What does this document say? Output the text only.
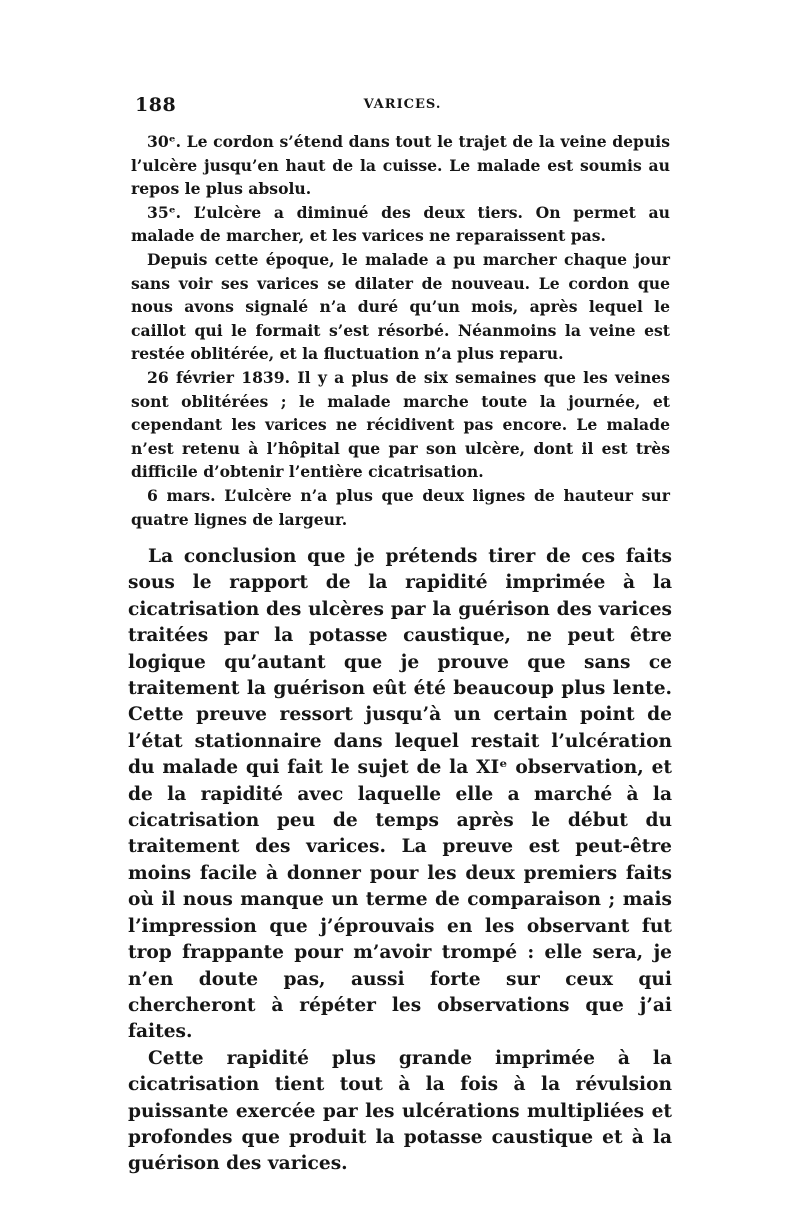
188	VARICES.

30ᵉ. Le cordon s’étend dans tout le trajet de la veine depuis l’ulcère jusqu’en haut de la cuisse. Le malade est soumis au repos le plus absolu.

35ᵉ. L’ulcère a diminué des deux tiers. On permet au malade de marcher, et les varices ne reparaissent pas.

Depuis cette époque, le malade a pu marcher chaque jour sans voir ses varices se dilater de nouveau. Le cordon que nous avons signalé n’a duré qu’un mois, après lequel le caillot qui le formait s’est résorbé. Néanmoins la veine est restée oblitérée, et la fluctuation n’a plus reparu.

26 février 1839. Il y a plus de six semaines que les veines sont oblitérées ; le malade marche toute la journée, et cependant les varices ne récidivent pas encore. Le malade n’est retenu à l’hôpital que par son ulcère, dont il est très difficile d’obtenir l’entière cicatrisation.

6 mars. L’ulcère n’a plus que deux lignes de hauteur sur quatre lignes de largeur.

La conclusion que je prétends tirer de ces faits sous le rapport de la rapidité imprimée à la cicatrisation des ulcères par la guérison des varices traitées par la potasse caustique, ne peut être logique qu’autant que je prouve que sans ce traitement la guérison eût été beaucoup plus lente. Cette preuve ressort jusqu’à un certain point de l’état stationnaire dans lequel restait l’ulcération du malade qui fait le sujet de la XIᵉ observation, et de la rapidité avec laquelle elle a marché à la cicatrisation peu de temps après le début du traitement des varices. La preuve est peut-être moins facile à donner pour les deux premiers faits où il nous manque un terme de comparaison ; mais l’impression que j’éprouvais en les observant fut trop frappante pour m’avoir trompé : elle sera, je n’en doute pas, aussi forte sur ceux qui chercheront à répéter les observations que j’ai faites.

Cette rapidité plus grande imprimée à la cicatrisation tient tout à la fois à la révulsion puissante exercée par les ulcérations multipliées et profondes que produit la potasse caustique et à la guérison des varices.
